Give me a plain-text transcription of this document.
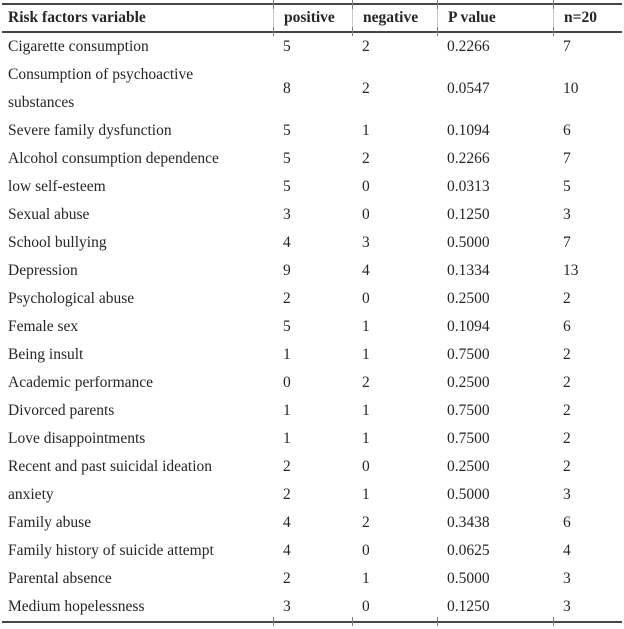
Risk factors variable	positive	negative	P value	n=20
Cigarette consumption	5	2	0.2266	7
Consumption of psychoactive substances
8	2	0.0547	10
Severe family dysfunction	5	1	0.1094	6
Alcohol consumption dependence	5	2	0.2266	7
low self-esteem	5	0	0.0313	5
Sexual abuse	3	0	0.1250	3
School bullying	4	3	0.5000	7
Depression	9	4	0.1334	13
Psychological abuse	2	0	0.2500	2
Female sex	5	1	0.1094	6
Being insult	1	1	0.7500	2
Academic performance	0	2	0.2500	2
Divorced parents	1	1	0.7500	2
Love disappointments	1	1	0.7500	2
Recent and past suicidal ideation	2	0	0.2500	2
anxiety	2	1	0.5000	3
Family abuse	4	2	0.3438	6
Family history of suicide attempt	4	0	0.0625	4
Parental absence	2	1	0.5000	3
Medium hopelessness	3	0	0.1250	3
